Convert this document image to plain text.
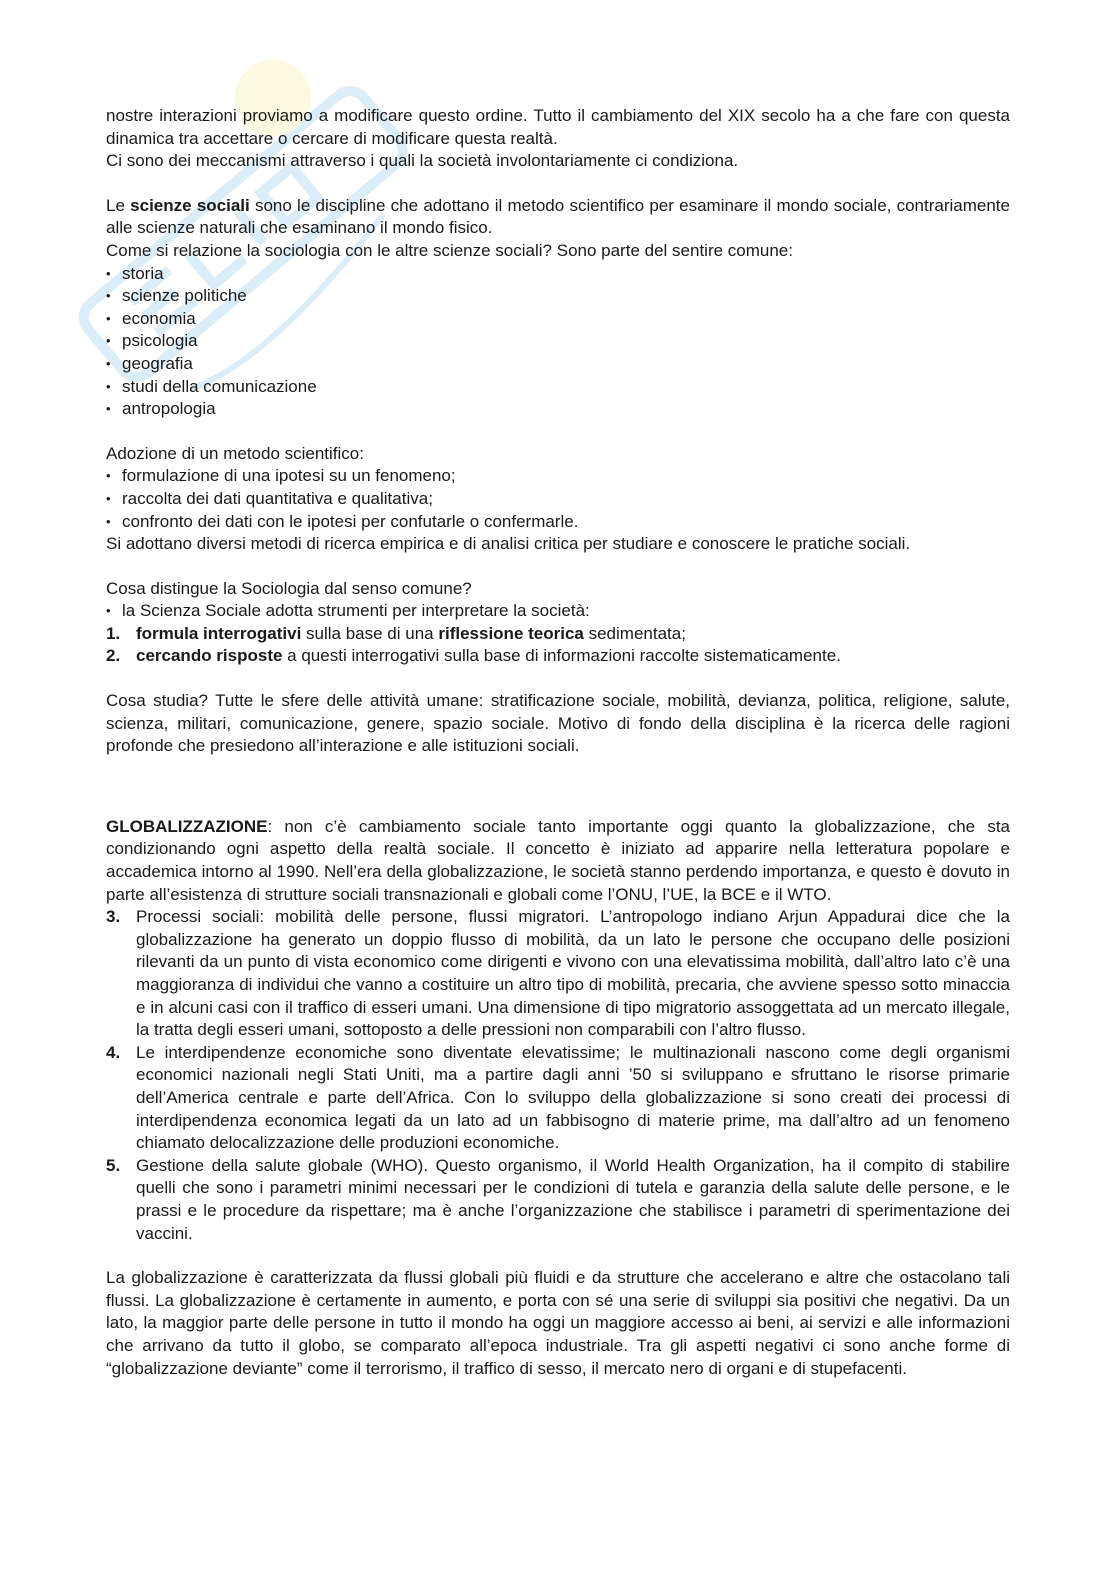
nostre interazioni proviamo a modificare questo ordine. Tutto il cambiamento del XIX secolo ha a che fare con questa dinamica tra accettare o cercare di modificare questa realtà.

Ci sono dei meccanismi attraverso i quali la società involontariamente ci condiziona.

Le scienze sociali sono le discipline che adottano il metodo scientifico per esaminare il mondo sociale, contrariamente alle scienze naturali che esaminano il mondo fisico.

Come si relazione la sociologia con le altre scienze sociali? Sono parte del sentire comune:

• storia
• scienze politiche
• economia
• psicologia
• geografia
• studi della comunicazione
• antropologia

Adozione di un metodo scientifico:

• formulazione di una ipotesi su un fenomeno;
• raccolta dei dati quantitativa e qualitativa;
• confronto dei dati con le ipotesi per confutarle o confermarle.

Si adottano diversi metodi di ricerca empirica e di analisi critica per studiare e conoscere le pratiche sociali.

Cosa distingue la Sociologia dal senso comune?

• la Scienza Sociale adotta strumenti per interpretare la società:
1. formula interrogativi sulla base di una riflessione teorica sedimentata;
2. cercando risposte a questi interrogativi sulla base di informazioni raccolte sistematicamente.

Cosa studia? Tutte le sfere delle attività umane: stratificazione sociale, mobilità, devianza, politica, religione, salute, scienza, militari, comunicazione, genere, spazio sociale. Motivo di fondo della disciplina è la ricerca delle ragioni profonde che presiedono all’interazione e alle istituzioni sociali.

GLOBALIZZAZIONE: non c’è cambiamento sociale tanto importante oggi quanto la globalizzazione, che sta condizionando ogni aspetto della realtà sociale. Il concetto è iniziato ad apparire nella letteratura popolare e accademica intorno al 1990. Nell’era della globalizzazione, le società stanno perdendo importanza, e questo è dovuto in parte all’esistenza di strutture sociali transnazionali e globali come l’ONU, l’UE, la BCE e il WTO.

3. Processi sociali: mobilità delle persone, flussi migratori. L’antropologo indiano Arjun Appadurai dice che la globalizzazione ha generato un doppio flusso di mobilità, da un lato le persone che occupano delle posizioni rilevanti da un punto di vista economico come dirigenti e vivono con una elevatissima mobilità, dall’altro lato c’è una maggioranza di individui che vanno a costituire un altro tipo di mobilità, precaria, che avviene spesso sotto minaccia e in alcuni casi con il traffico di esseri umani. Una dimensione di tipo migratorio assoggettata ad un mercato illegale, la tratta degli esseri umani, sottoposto a delle pressioni non comparabili con l’altro flusso.
4. Le interdipendenze economiche sono diventate elevatissime; le multinazionali nascono come degli organismi economici nazionali negli Stati Uniti, ma a partire dagli anni ’50 si sviluppano e sfruttano le risorse primarie dell’America centrale e parte dell’Africa. Con lo sviluppo della globalizzazione si sono creati dei processi di interdipendenza economica legati da un lato ad un fabbisogno di materie prime, ma dall’altro ad un fenomeno chiamato delocalizzazione delle produzioni economiche.
5. Gestione della salute globale (WHO). Questo organismo, il World Health Organization, ha il compito di stabilire quelli che sono i parametri minimi necessari per le condizioni di tutela e garanzia della salute delle persone, e le prassi e le procedure da rispettare; ma è anche l’organizzazione che stabilisce i parametri di sperimentazione dei vaccini.

La globalizzazione è caratterizzata da flussi globali più fluidi e da strutture che accelerano e altre che ostacolano tali flussi. La globalizzazione è certamente in aumento, e porta con sé una serie di sviluppi sia positivi che negativi. Da un lato, la maggior parte delle persone in tutto il mondo ha oggi un maggiore accesso ai beni, ai servizi e alle informazioni che arrivano da tutto il globo, se comparato all’epoca industriale. Tra gli aspetti negativi ci sono anche forme di “globalizzazione deviante” come il terrorismo, il traffico di sesso, il mercato nero di organi e di stupefacenti.
